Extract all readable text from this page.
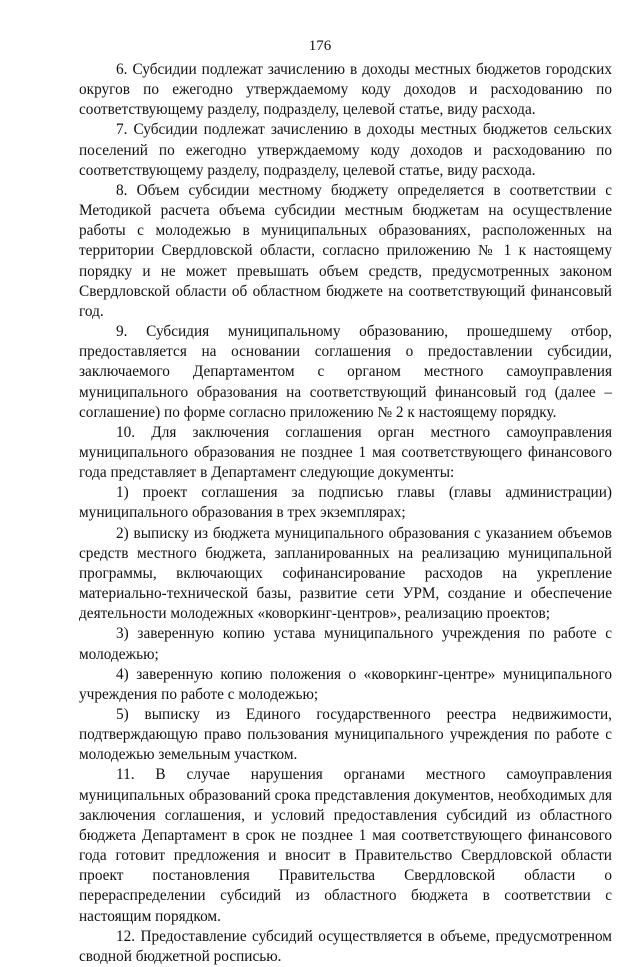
176

6. Субсидии подлежат зачислению в доходы местных бюджетов городских округов по ежегодно утверждаемому коду доходов и расходованию по соответствующему разделу, подразделу, целевой статье, виду расхода.

7. Субсидии подлежат зачислению в доходы местных бюджетов сельских поселений по ежегодно утверждаемому коду доходов и расходованию по соответствующему разделу, подразделу, целевой статье, виду расхода.

8. Объем субсидии местному бюджету определяется в соответствии с Методикой расчета объема субсидии местным бюджетам на осуществление работы с молодежью в муниципальных образованиях, расположенных на территории Свердловской области, согласно приложению № 1 к настоящему порядку и не может превышать объем средств, предусмотренных законом Свердловской области об областном бюджете на соответствующий финансовый год.

9. Субсидия муниципальному образованию, прошедшему отбор, предоставляется на основании соглашения о предоставлении субсидии, заключаемого Департаментом с органом местного самоуправления муниципального образования на соответствующий финансовый год (далее – соглашение) по форме согласно приложению № 2 к настоящему порядку.

10. Для заключения соглашения орган местного самоуправления муниципального образования не позднее 1 мая соответствующего финансового года представляет в Департамент следующие документы:

1) проект соглашения за подписью главы (главы администрации) муниципального образования в трех экземплярах;

2) выписку из бюджета муниципального образования с указанием объемов средств местного бюджета, запланированных на реализацию муниципальной программы, включающих софинансирование расходов на укрепление материально-технической базы, развитие сети УРМ, создание и обеспечение деятельности молодежных «коворкинг-центров», реализацию проектов;

3) заверенную копию устава муниципального учреждения по работе с молодежью;

4) заверенную копию положения о «коворкинг-центре» муниципального учреждения по работе с молодежью;

5) выписку из Единого государственного реестра недвижимости, подтверждающую право пользования муниципального учреждения по работе с молодежью земельным участком.

11. В случае нарушения органами местного самоуправления муниципальных образований срока представления документов, необходимых для заключения соглашения, и условий предоставления субсидий из областного бюджета Департамент в срок не позднее 1 мая соответствующего финансового года готовит предложения и вносит в Правительство Свердловской области проект постановления Правительства Свердловской области о перераспределении субсидий из областного бюджета в соответствии с настоящим порядком.

12. Предоставление субсидий осуществляется в объеме, предусмотренном сводной бюджетной росписью.
